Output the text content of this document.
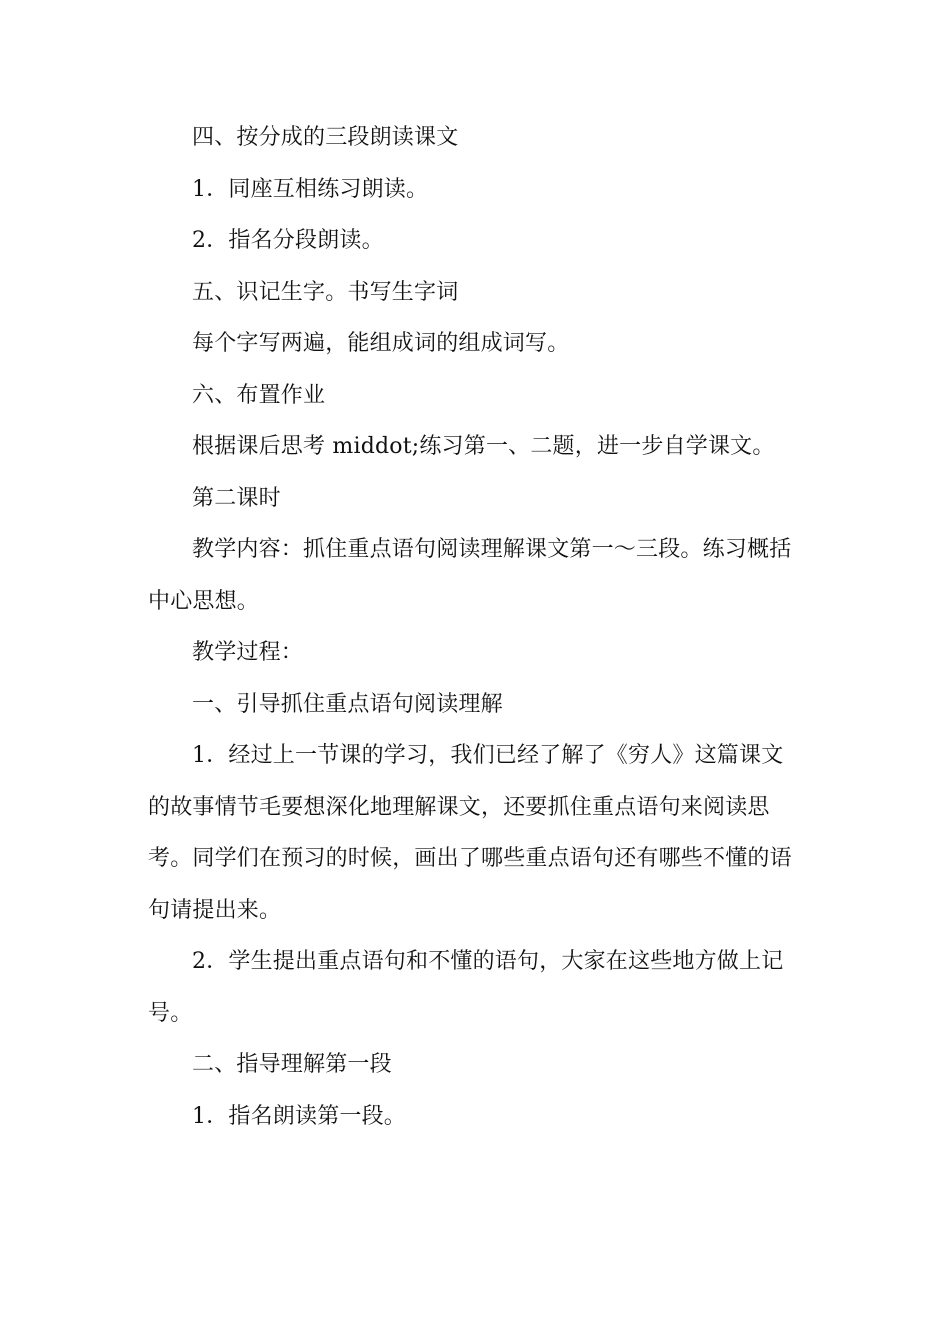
四、按分成的三段朗读课文

1．同座互相练习朗读。

2．指名分段朗读。

五、识记生字。书写生字词

每个字写两遍，能组成词的组成词写。

六、布置作业

根据课后思考 middot;练习第一、二题，进一步自学课文。

第二课时

教学内容：抓住重点语句阅读理解课文第一～三段。练习概括中心思想。

教学过程：

一、引导抓住重点语句阅读理解

1．经过上一节课的学习，我们已经了解了《穷人》这篇课文的故事情节毛要想深化地理解课文，还要抓住重点语句来阅读思考。同学们在预习的时候，画出了哪些重点语句还有哪些不懂的语句请提出来。

2．学生提出重点语句和不懂的语句，大家在这些地方做上记号。

二、指导理解第一段

1．指名朗读第一段。
